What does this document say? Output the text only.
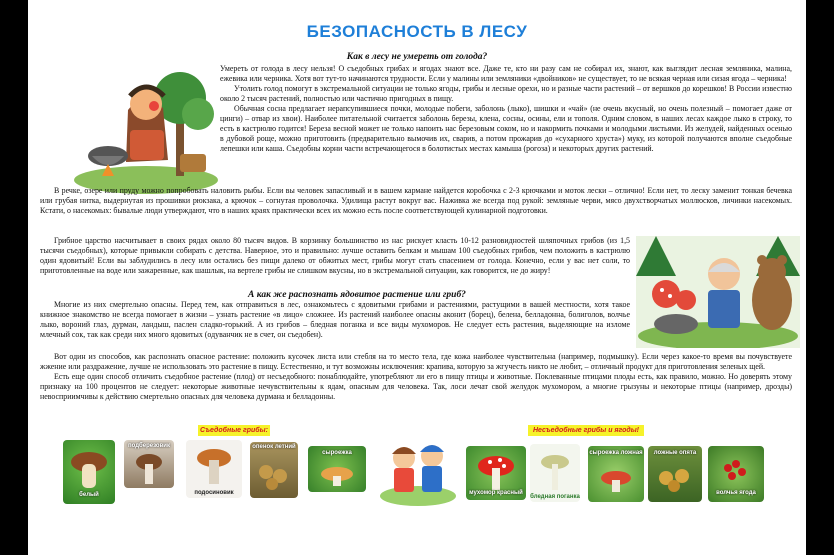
БЕЗОПАСНОСТЬ В ЛЕСУ
Как в лесу не умереть от голода?

Умереть от голода в лесу нельзя! О съедобных грибах и ягодах знают все. Даже те, кто ни разу сам не собирал их, знают, как выглядит лесная земляника, малина, ежевика или черника. Хотя вот тут-то начинаются трудности. Если у малины или земляники «двойников» не существует, то не всякая черная или сизая ягода – черника!

Утолить голод помогут в экстремальной ситуации не только ягоды, грибы и лесные орехи, но и разные части растений – от вершков до корешков! В России известно около 2 тысяч растений, полностью или частично пригодных в пищу.

Обычная сосна предлагает нерапсупившиеся почки, молодые побеги, заболонь (лыко), шишки и «чай» (не очень вкусный, но очень полезный – помогает даже от цинги) – отвар из хвои). Наиболее питательной считается заболонь березы, клена, сосны, осины, ели и тополя. Одним словом, в наших лесах каждое лыко в строку, то есть в кастрюлю годится! Береза весной может не только напоить нас березовым соком, но и накормить почками и молодыми листьями. Из желудей, найденных осенью в дубовой роще, можно приготовить (предварительно вымочив их, сварив, а потом прожарив до «сухарного хруста») муку, из которой получаются вполне съедобные лепешки или каша. Съедобны корни части встречающегося в болотистых местах камыша (рогоза) и некоторых других растений.

В речке, озере или пруду можно попробовать наловить рыбы. Если вы человек запасливый и в вашем кармане найдется коробочка с 2-3 крючками и моток лески – отлично! Если нет, то леску заменит тонкая бечевка или грубая нитка, выдернутая из прошивки рюкзака, а крючок – согнутая проволочка. Удилища растут вокруг вас. Наживка же всегда под рукой: земляные черви, мясо двухстворчатых моллюсков, личинки насекомых. Кстати, о насекомых: бывалые люди утверждают, что в наших краях практически всех их можно есть после соответствующей кулинарной подготовки.

Грибное царство насчитывает в своих рядах около 80 тысяч видов. В корзинку большинство из нас рискует класть 10-12 разновидностей шляпочных грибов (из 1,5 тысячи съедобных), которые привыкли собирать с детства. Наверное, это и правильно: лучше оставить белкам и мышам 100 съедобных грибов, чем положить в кастрюлю один ядовитый! Если вы заблудились в лесу или остались без пищи далеко от обжитых мест, грибы могут стать спасением от голода. Конечно, если у вас нет соли, то приготовленные на воде или зажаренные, как шашлык, на вертеле грибы не слишком вкусны, но в экстремальной ситуации, как говорится, не до жиру!

А как же распознать ядовитое растение или гриб?

Многие из них смертельно опасны. Перед тем, как отправиться в лес, ознакомьтесь с ядовитыми грибами и растениями, растущими в вашей местности, хотя такое книжное знакомство не всегда помогает в жизни – узнать растение «в лицо» сложнее. Из растений наиболее опасны аконит (борец), белена, белладонна, болиголов, волчье лыко, вороний глаз, дурман, ландыш, паслен сладко-горький. А из грибов – бледная поганка и все виды мухоморов. Не следует есть растения, выделяющие на изломе млечный сок, так как среди них много ядовитых (одуванчик не в счет, он съедобен).

Вот один из способов, как распознать опасное растение: положить кусочек листа или стебля на то место тела, где кожа наиболее чувствительна (например, подмышку). Если через какое-то время вы почувствуете жжение или раздражение, лучше не использовать это растение в пищу. Естественно, и тут возможны исключения: крапива, которую за жгучесть никто не любит, – отличный продукт для приготовления зеленых щей.

Есть еще один способ отличить съедобное растение (плод) от несъедобного: понаблюдайте, употребляют ли его в пищу птицы и животные. Поклеванные птицами плоды есть, как правило, можно. Но доверять этому признаку на 100 процентов не следует: некоторые животные нечувствительны к ядам, опасным для человека. Так, лоси лечат свой желудок мухомором, а многие грызуны и некоторые птицы (например, дрозды) невосприимчивы к действию смертельно опасных для человека дурмана и белладонны.

Съедобные грибы:	Несъедобные грибы и ягоды!
белый
подберезовик
подосиновик
опенок летний
сыроежка
мухомор красный
бледная поганка
сыроежка ложная	ложные опята
волчья ягода
